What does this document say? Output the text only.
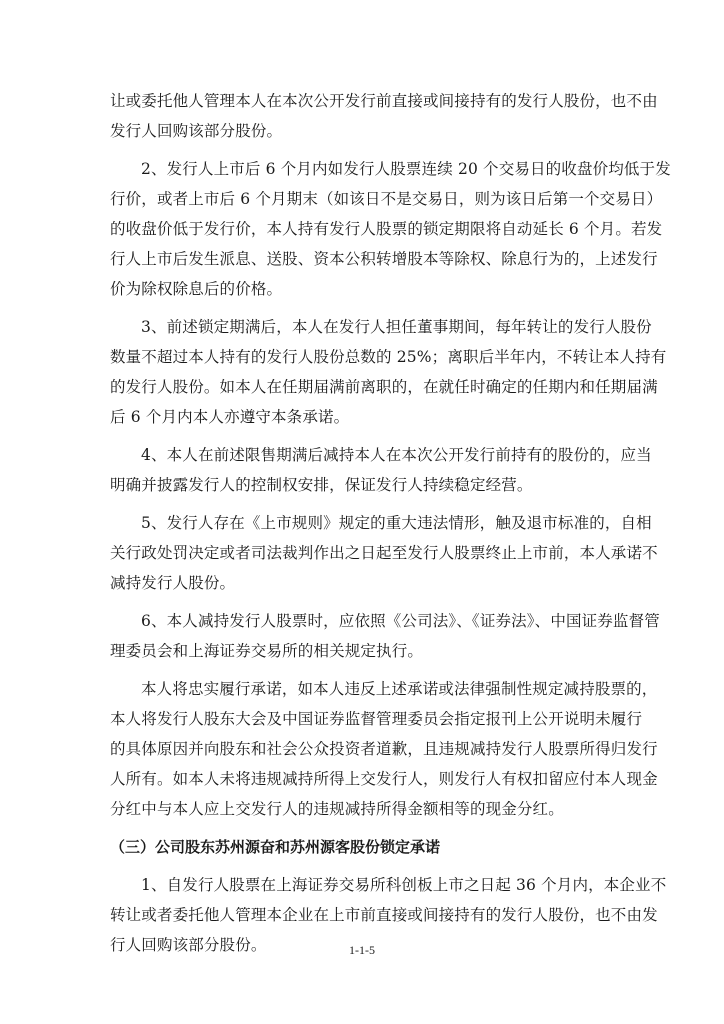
让或委托他人管理本人在本次公开发行前直接或间接持有的发行人股份，也不由
发行人回购该部分股份。
2、发行人上市后 6 个月内如发行人股票连续 20 个交易日的收盘价均低于发
行价，或者上市后 6 个月期末（如该日不是交易日，则为该日后第一个交易日）
的收盘价低于发行价，本人持有发行人股票的锁定期限将自动延长 6 个月。若发
行人上市后发生派息、送股、资本公积转增股本等除权、除息行为的，上述发行
价为除权除息后的价格。
3、前述锁定期满后，本人在发行人担任董事期间，每年转让的发行人股份
数量不超过本人持有的发行人股份总数的 25%；离职后半年内，不转让本人持有
的发行人股份。如本人在任期届满前离职的，在就任时确定的任期内和任期届满
后 6 个月内本人亦遵守本条承诺。
4、本人在前述限售期满后减持本人在本次公开发行前持有的股份的，应当
明确并披露发行人的控制权安排，保证发行人持续稳定经营。
5、发行人存在《上市规则》规定的重大违法情形，触及退市标准的，自相
关行政处罚决定或者司法裁判作出之日起至发行人股票终止上市前，本人承诺不
减持发行人股份。
6、本人减持发行人股票时，应依照《公司法》、《证券法》、中国证券监督管
理委员会和上海证券交易所的相关规定执行。
本人将忠实履行承诺，如本人违反上述承诺或法律强制性规定减持股票的，
本人将发行人股东大会及中国证券监督管理委员会指定报刊上公开说明未履行
的具体原因并向股东和社会公众投资者道歉，且违规减持发行人股票所得归发行
人所有。如本人未将违规减持所得上交发行人，则发行人有权扣留应付本人现金
分红中与本人应上交发行人的违规减持所得金额相等的现金分红。
（三）公司股东苏州源奋和苏州源客股份锁定承诺
1、自发行人股票在上海证券交易所科创板上市之日起 36 个月内，本企业不
转让或者委托他人管理本企业在上市前直接或间接持有的发行人股份，也不由发
行人回购该部分股份。	1-1-5
